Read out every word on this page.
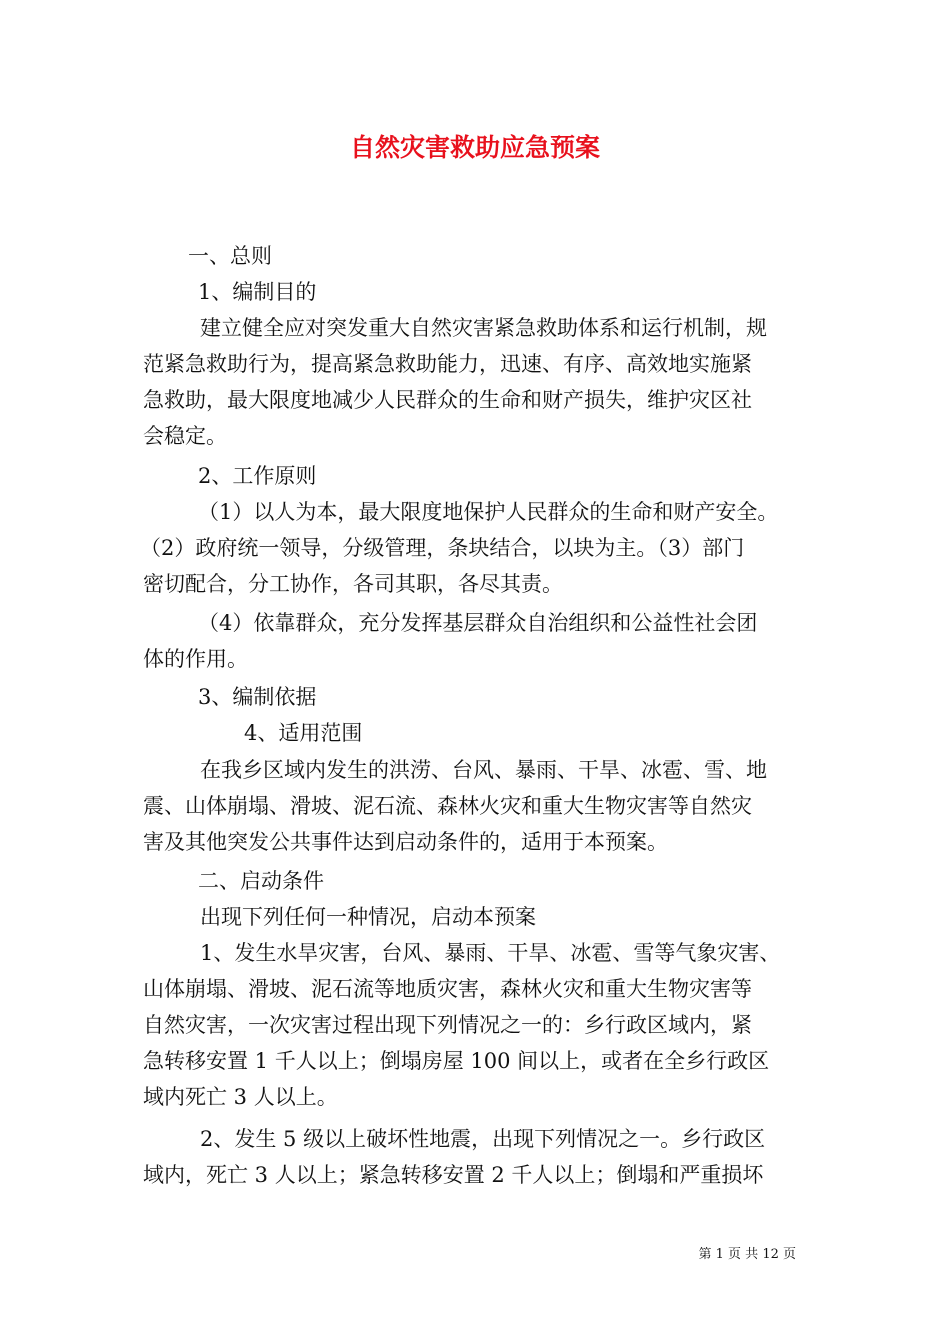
自然灾害救助应急预案

一、总则

1、编制目的

建立健全应对突发重大自然灾害紧急救助体系和运行机制，规

范紧急救助行为，提高紧急救助能力，迅速、有序、高效地实施紧

急救助，最大限度地减少人民群众的生命和财产损失，维护灾区社

会稳定。

2、工作原则

（1）以人为本，最大限度地保护人民群众的生命和财产安全。

（2）政府统一领导，分级管理，条块结合，以块为主。（3）部门

密切配合，分工协作，各司其职，各尽其责。

（4）依靠群众，充分发挥基层群众自治组织和公益性社会团

体的作用。

3、编制依据

4、适用范围

在我乡区域内发生的洪涝、台风、暴雨、干旱、冰雹、雪、地

震、山体崩塌、滑坡、泥石流、森林火灾和重大生物灾害等自然灾

害及其他突发公共事件达到启动条件的，适用于本预案。

二、启动条件

出现下列任何一种情况，启动本预案

1、发生水旱灾害，台风、暴雨、干旱、冰雹、雪等气象灾害、

山体崩塌、滑坡、泥石流等地质灾害，森林火灾和重大生物灾害等

自然灾害，一次灾害过程出现下列情况之一的：乡行政区域内，紧

急转移安置 1 千人以上；倒塌房屋 100 间以上，或者在全乡行政区

域内死亡 3 人以上。

2、发生 5 级以上破坏性地震，出现下列情况之一。乡行政区

域内，死亡 3 人以上；紧急转移安置 2 千人以上；倒塌和严重损坏

第 1 页 共 12 页
